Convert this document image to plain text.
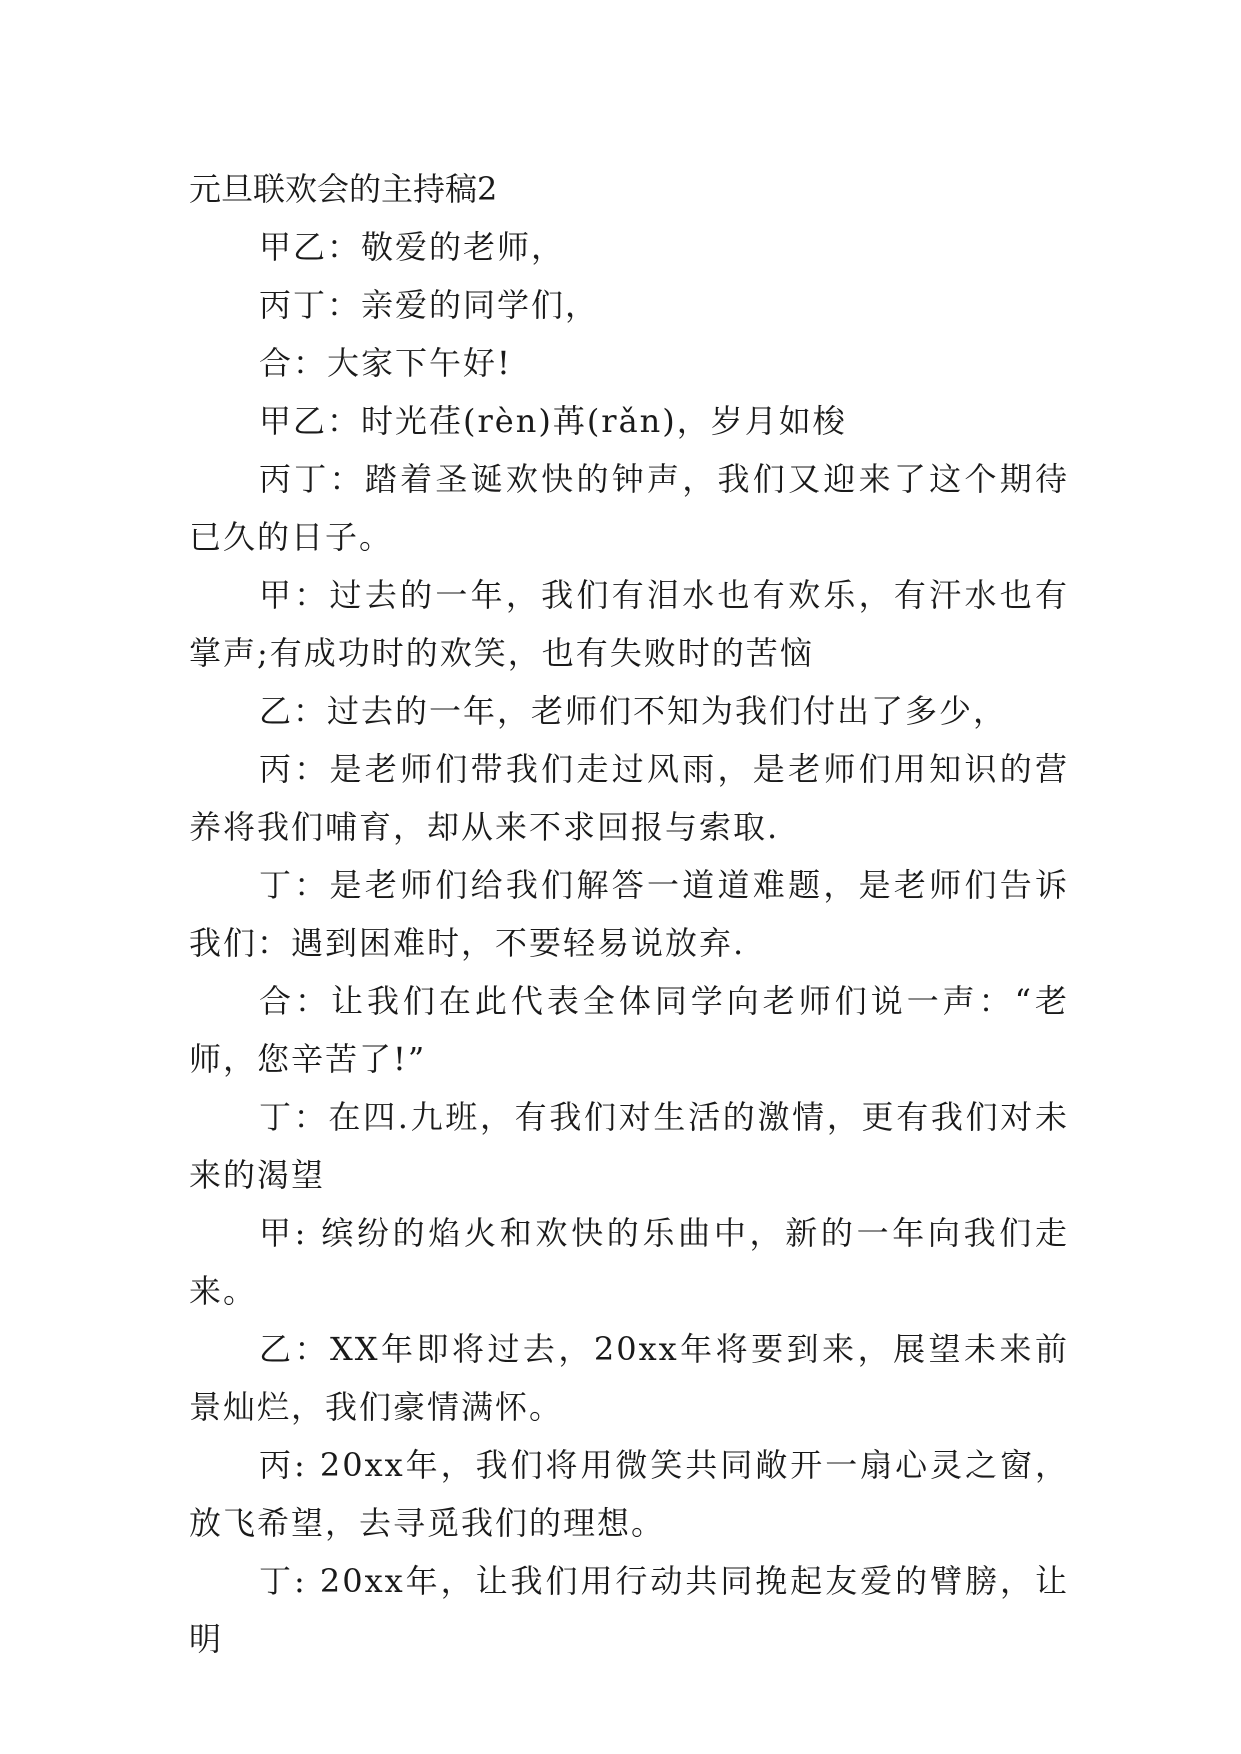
元旦联欢会的主持稿2

甲乙：敬爱的老师，

丙丁：亲爱的同学们，

合：大家下午好!

甲乙：时光荏(rèn)苒(rǎn)，岁月如梭

丙丁：踏着圣诞欢快的钟声，我们又迎来了这个期待已久的日子。

甲：过去的一年，我们有泪水也有欢乐，有汗水也有掌声;有成功时的欢笑，也有失败时的苦恼

乙：过去的一年，老师们不知为我们付出了多少，

丙：是老师们带我们走过风雨，是老师们用知识的营养将我们哺育，却从来不求回报与索取.

丁：是老师们给我们解答一道道难题，是老师们告诉我们：遇到困难时，不要轻易说放弃.

合：让我们在此代表全体同学向老师们说一声：“老师，您辛苦了!”

丁：在四.九班，有我们对生活的激情，更有我们对未来的渴望

甲: 缤纷的焰火和欢快的乐曲中，新的一年向我们走来。

乙：XX年即将过去，20xx年将要到来，展望未来前景灿烂，我们豪情满怀。

丙: 20xx年，我们将用微笑共同敞开一扇心灵之窗，放飞希望，去寻觅我们的理想。

丁: 20xx年，让我们用行动共同挽起友爱的臂膀，让明
